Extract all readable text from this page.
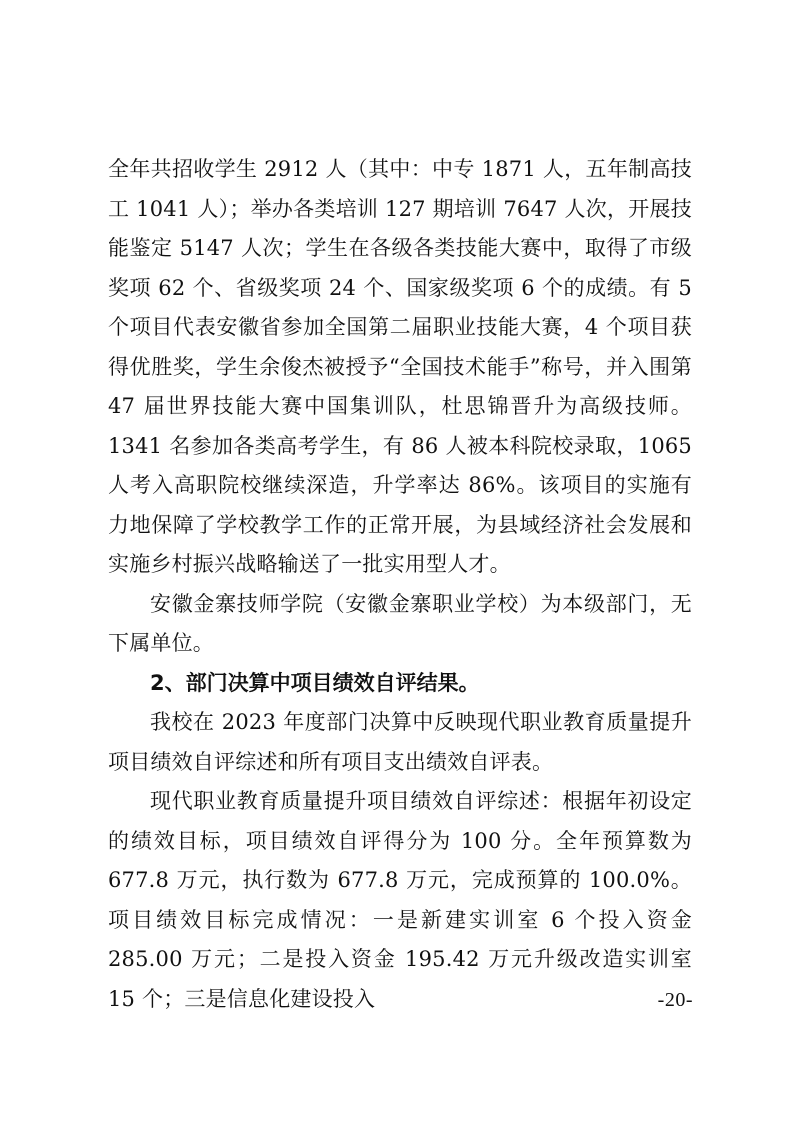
全年共招收学生 2912 人（其中：中专 1871 人，五年制高技工 1041 人）；举办各类培训 127 期培训 7647 人次，开展技能鉴定 5147 人次；学生在各级各类技能大赛中，取得了市级奖项 62 个、省级奖项 24 个、国家级奖项 6 个的成绩。有 5 个项目代表安徽省参加全国第二届职业技能大赛，4 个项目获得优胜奖，学生余俊杰被授予“全国技术能手”称号，并入围第 47 届世界技能大赛中国集训队，杜思锦晋升为高级技师。1341 名参加各类高考学生，有 86 人被本科院校录取，1065 人考入高职院校继续深造，升学率达 86%。该项目的实施有力地保障了学校教学工作的正常开展，为县域经济社会发展和实施乡村振兴战略输送了一批实用型人才。

安徽金寨技师学院（安徽金寨职业学校）为本级部门，无下属单位。

2、部门决算中项目绩效自评结果。

我校在 2023 年度部门决算中反映现代职业教育质量提升项目绩效自评综述和所有项目支出绩效自评表。

现代职业教育质量提升项目绩效自评综述：根据年初设定的绩效目标，项目绩效自评得分为 100 分。全年预算数为 677.8 万元，执行数为 677.8 万元，完成预算的 100.0%。项目绩效目标完成情况：一是新建实训室 6 个投入资金 285.00 万元；二是投入资金 195.42 万元升级改造实训室 15 个；三是信息化建设投入	-20-
